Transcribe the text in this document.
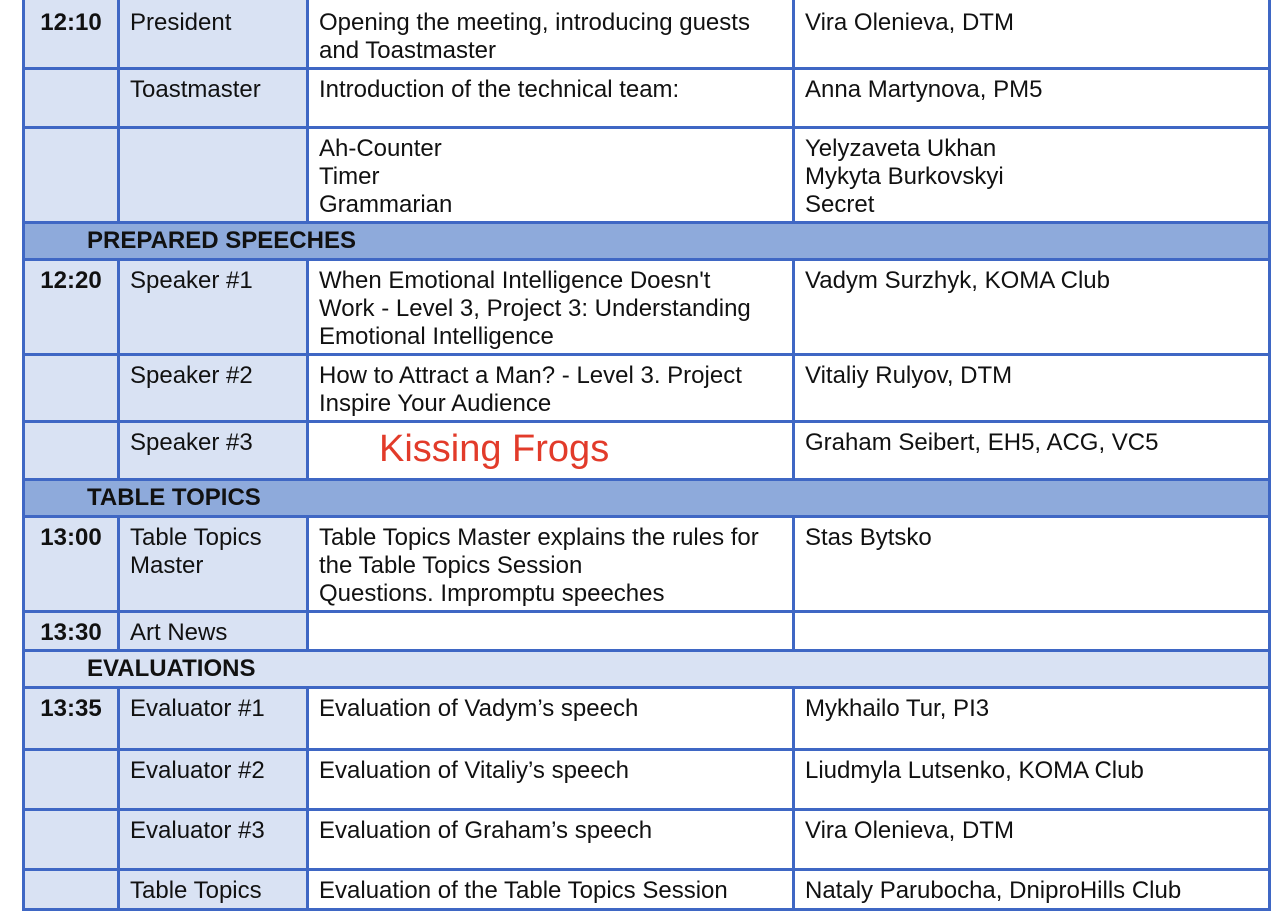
12:10	President	Opening the meeting, introducing guests
and Toastmaster	Vira Olenieva, DTM

	Toastmaster	Introduction of the technical team:	Anna Martynova, PM5

		Ah-Counter
Timer
Grammarian	Yelyzaveta Ukhan
Mykyta Burkovskyi
Secret

PREPARED SPEECHES			
12:20	Speaker #1	When Emotional Intelligence Doesn't
Work - Level 3, Project 3: Understanding
Emotional Intelligence	Vadym Surzhyk, KOMA Club

	Speaker #2	How to Attract a Man? - Level 3. Project
Inspire Your Audience	Vitaliy Rulyov, DTM

	Speaker #3	Kissing Frogs	Graham Seibert, EH5, ACG, VC5

TABLE TOPICS			
13:00	Table Topics
Master	Table Topics Master explains the rules for
the Table Topics Session
Questions. Impromptu speeches	Stas Bytsko

13:30	Art News		
EVALUATIONS			
13:35	Evaluator #1	Evaluation of Vadym’s speech	Mykhailo Tur, PI3

	Evaluator #2	Evaluation of Vitaliy’s speech	Liudmyla Lutsenko, KOMA Club

	Evaluator #3	Evaluation of Graham’s speech	Vira Olenieva, DTM

	Table Topics	Evaluation of the Table Topics Session	Nataly Parubocha, DniproHills Club
